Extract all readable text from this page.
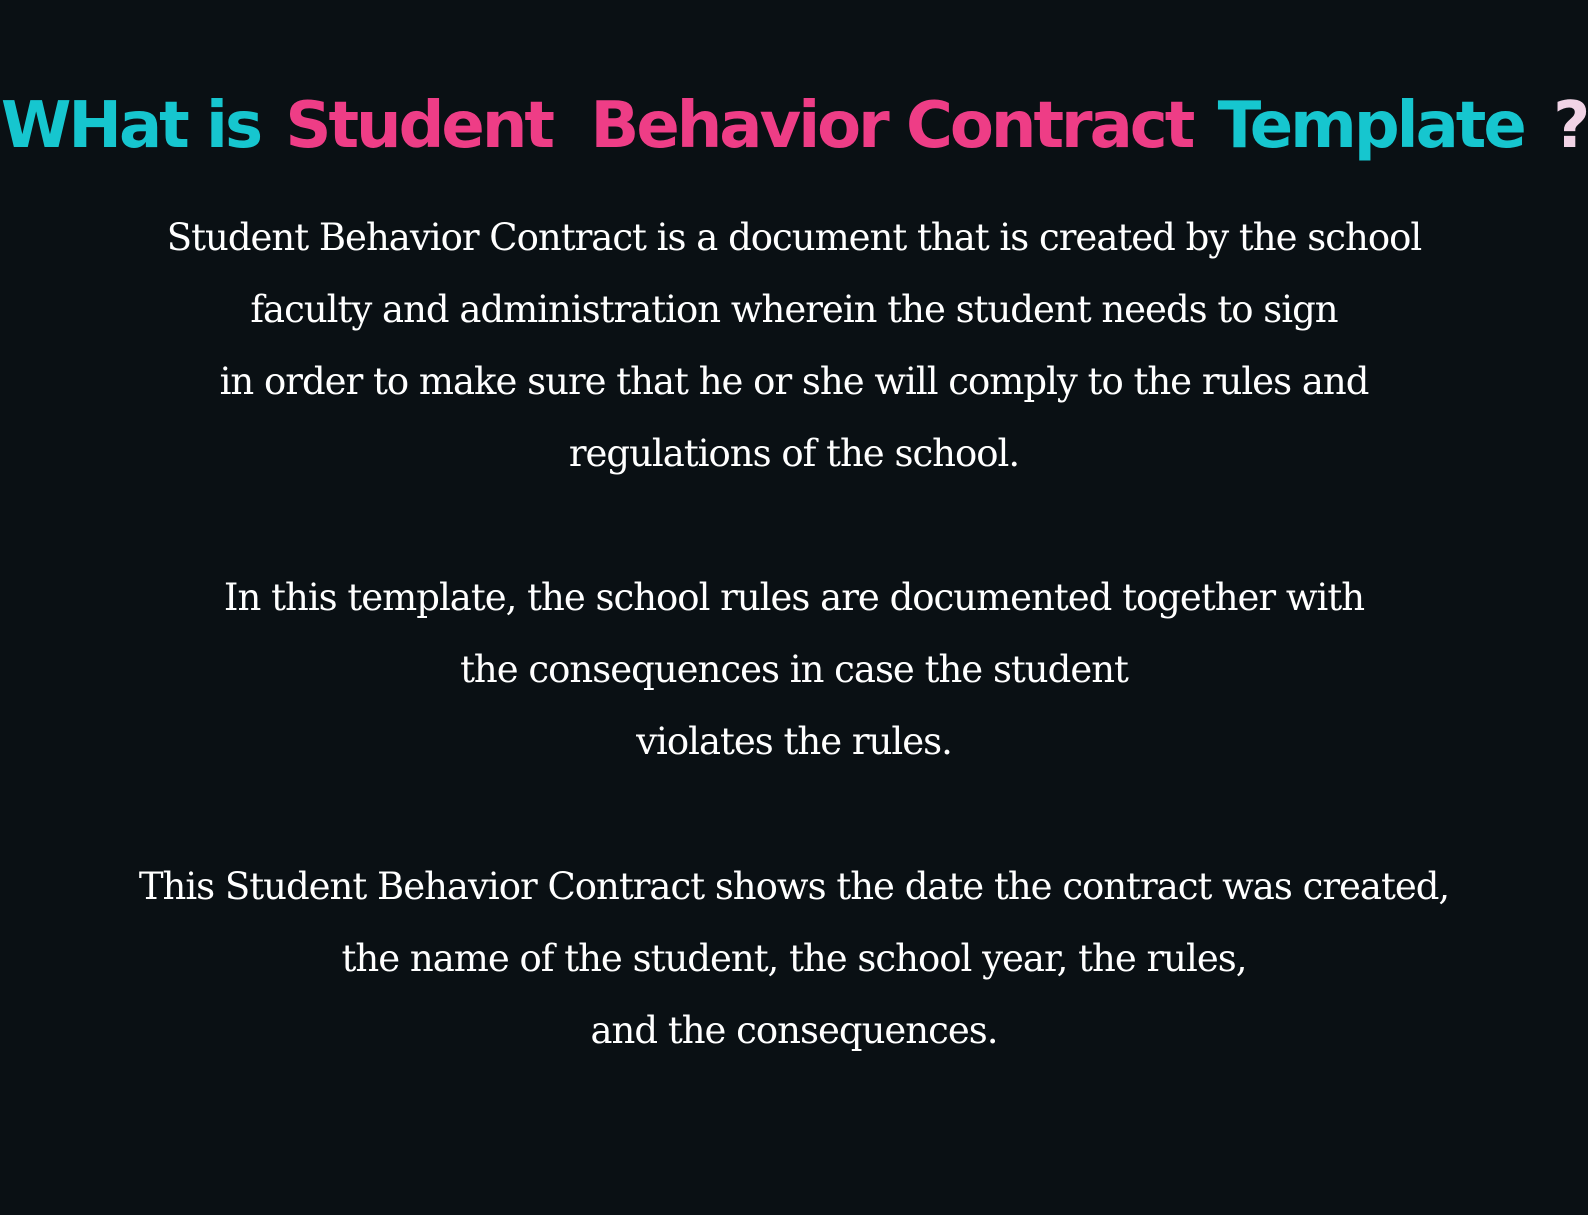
WHat is Student  Behavior Contract Template ?
Student Behavior Contract is a document that is created by the school
faculty and administration wherein the student needs to sign
in order to make sure that he or she will comply to the rules and
regulations of the school.
In this template, the school rules are documented together with
the consequences in case the student
violates the rules.
This Student Behavior Contract shows the date the contract was created,
the name of the student, the school year, the rules,
and the consequences.
